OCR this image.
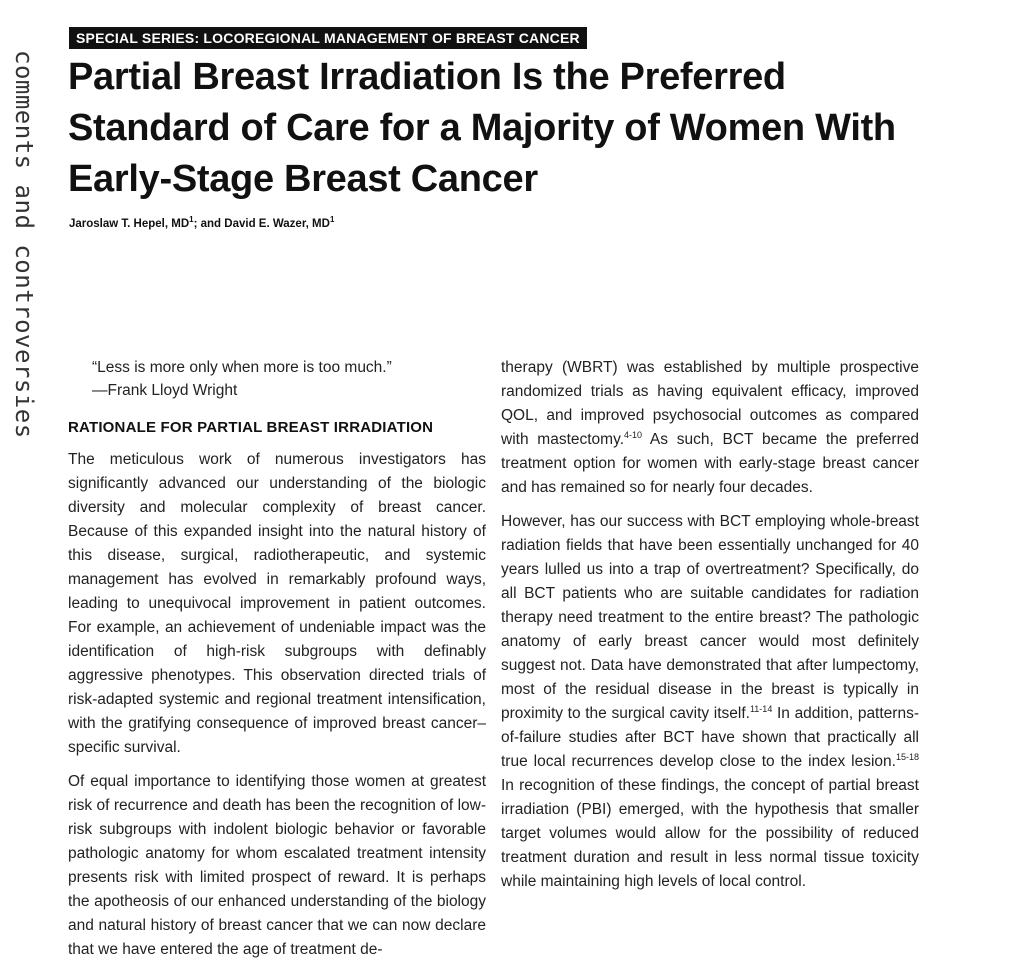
comments and controversies
SPECIAL SERIES: LOCOREGIONAL MANAGEMENT OF BREAST CANCER
Partial Breast Irradiation Is the Preferred
Standard of Care for a Majority of Women With
Early-Stage Breast Cancer
Jaroslaw T. Hepel, $MD^1$; and David E. Wazer, $MD^1$

“Less is more only when more is too much.”
—Frank Lloyd Wright

RATIONALE FOR PARTIAL BREAST IRRADIATION

The meticulous work of numerous investigators has significantly advanced our understanding of the biologic diversity and molecular complexity of breast cancer. Because of this expanded insight into the natural history of this disease, surgical, radiotherapeutic, and systemic management has evolved in remarkably profound ways, leading to unequivocal improvement in patient outcomes. For example, an achievement of undeniable impact was the identification of high-risk subgroups with definably aggressive phenotypes. This observation directed trials of risk-adapted systemic and regional treatment intensification, with the gratifying consequence of improved breast cancer–specific survival.

Of equal importance to identifying those women at greatest risk of recurrence and death has been the recognition of low-risk subgroups with indolent biologic behavior or favorable pathologic anatomy for whom escalated treatment intensity presents risk with limited prospect of reward. It is perhaps the apotheosis of our enhanced understanding of the biology and natural history of breast cancer that we can now declare that we have entered the age of treatment de-

therapy (WBRT) was established by multiple prospective randomized trials as having equivalent efficacy, improved QOL, and improved psychosocial outcomes as compared with mastectomy.$^{4-10}$ As such, BCT became the preferred treatment option for women with early-stage breast cancer and has remained so for nearly four decades.

However, has our success with BCT employing whole-breast radiation fields that have been essentially unchanged for 40 years lulled us into a trap of overtreatment? Specifically, do all BCT patients who are suitable candidates for radiation therapy need treatment to the entire breast? The pathologic anatomy of early breast cancer would most definitely suggest not. Data have demonstrated that after lumpectomy, most of the residual disease in the breast is typically in proximity to the surgical cavity itself.$^{11-14}$ In addition, patterns-of-failure studies after BCT have shown that practically all true local recurrences develop close to the index lesion.$^{15-18}$ In recognition of these findings, the concept of partial breast irradiation (PBI) emerged, with the hypothesis that smaller target volumes would allow for the possibility of reduced treatment duration and result in less normal tissue toxicity while maintaining high levels of local control.
